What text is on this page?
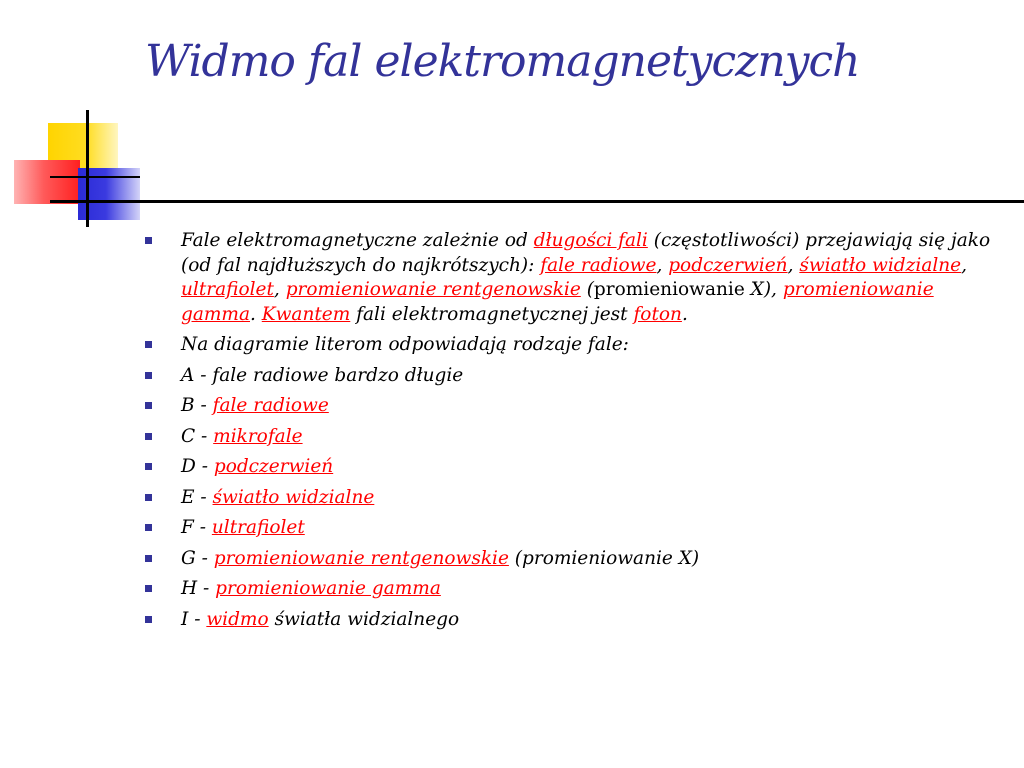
Widmo fal elektromagnetycznych
Fale elektromagnetyczne zależnie od długości fali (częstotliwości) przejawiają się jako (od fal najdłuższych do najkrótszych): fale radiowe, podczerwień, światło widzialne, ultrafiolet, promieniowanie rentgenowskie (promieniowanie X), promieniowanie gamma. Kwantem fali elektromagnetycznej jest foton.
Na diagramie literom odpowiadają rodzaje fale:
A - fale radiowe bardzo długie
B - fale radiowe
C - mikrofale
D - podczerwień
E - światło widzialne
F - ultrafiolet
G - promieniowanie rentgenowskie (promieniowanie X)
H - promieniowanie gamma
I - widmo światła widzialnego
